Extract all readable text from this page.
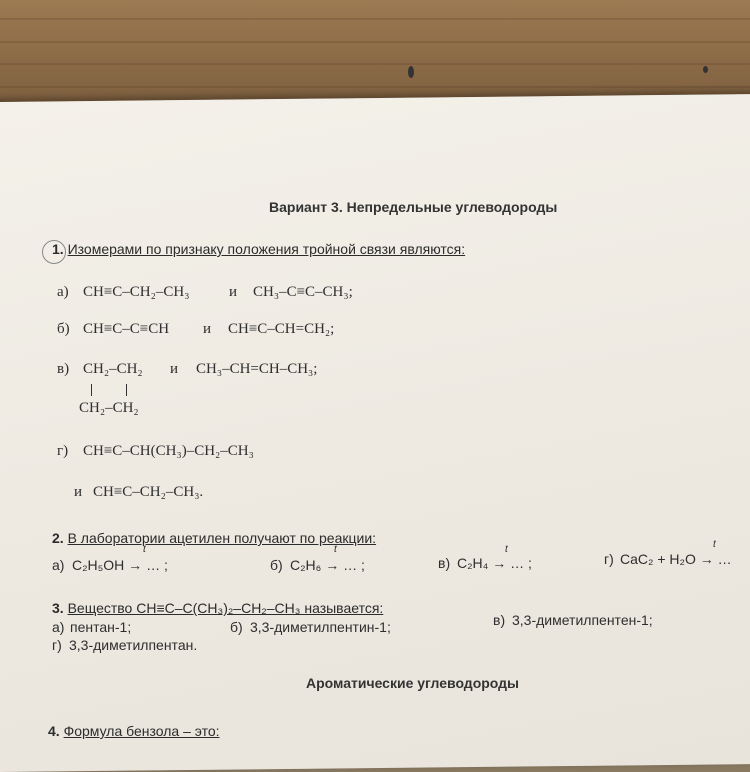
Вариант 3. Непредельные углеводороды
1. Изомерами по признаку положения тройной связи являются:
а) CH≡C–CH₂–CH₃	и CH₃–C≡C–CH₃;
б) CH≡C–C≡CH и CH≡C–CH=CH₂;
в) CH₂–CH₂
CH₂–CH₂
и CH₃–CH=CH–CH₃;
г) CH≡C–CH(CH₃)–CH₂–CH₃
и CH≡C–CH₂–CH₃.
2. В лаборатории ацетилен получают по реакции:
t
а) C₂H₅OH → … ;
t
б) C₂H₆ → … ;
t
в) C₂H₄ → … ;
t
г) CaC₂ + H₂O → …
3. Вещество CH≡C–C(CH₃)₂–CH₂–CH₃ называется:
а) пентан-1;	б) 3,3-диметилпентин-1;	в) 3,3-диметилпентен-1;
г) 3,3-диметилпентан.
Ароматические углеводороды
4. Формула бензола – это:
